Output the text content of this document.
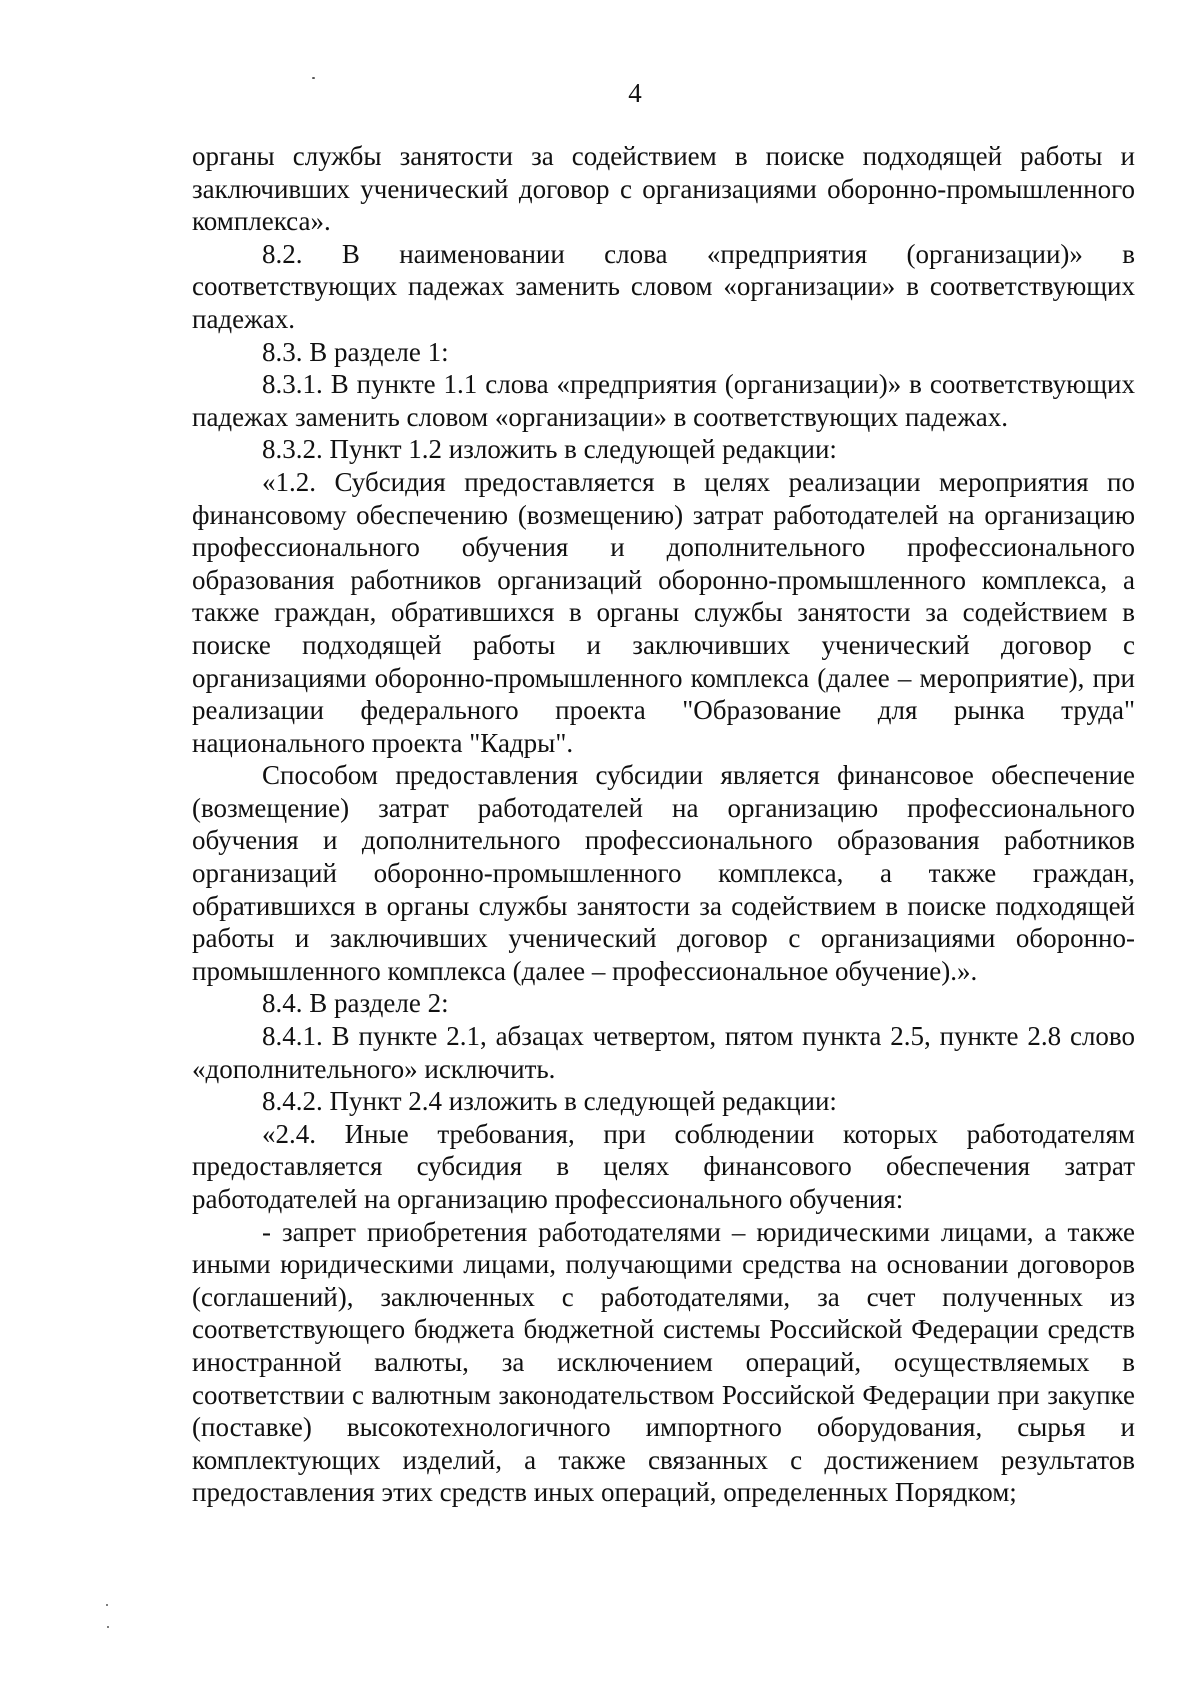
4

органы службы занятости за содействием в поиске подходящей работы и заключивших ученический договор с организациями оборонно-промышленного комплекса».

8.2. В наименовании слова «предприятия (организации)» в соответствующих падежах заменить словом «организации» в соответствующих падежах.

8.3. В разделе 1:

8.3.1. В пункте 1.1 слова «предприятия (организации)» в соответствующих падежах заменить словом «организации» в соответствующих падежах.

8.3.2. Пункт 1.2 изложить в следующей редакции:

«1.2. Субсидия предоставляется в целях реализации мероприятия по финансовому обеспечению (возмещению) затрат работодателей на организацию профессионального обучения и дополнительного профессионального образования работников организаций оборонно-промышленного комплекса, а также граждан, обратившихся в органы службы занятости за содействием в поиске подходящей работы и заключивших ученический договор с организациями оборонно-промышленного комплекса (далее – мероприятие), при реализации федерального проекта "Образование для рынка труда" национального проекта "Кадры".

Способом предоставления субсидии является финансовое обеспечение (возмещение) затрат работодателей на организацию профессионального обучения и дополнительного профессионального образования работников организаций оборонно-промышленного комплекса, а также граждан, обратившихся в органы службы занятости за содействием в поиске подходящей работы и заключивших ученический договор с организациями оборонно-промышленного комплекса (далее – профессиональное обучение).».

8.4. В разделе 2:

8.4.1. В пункте 2.1, абзацах четвертом, пятом пункта 2.5, пункте 2.8 слово «дополнительного» исключить.

8.4.2. Пункт 2.4 изложить в следующей редакции:

«2.4. Иные требования, при соблюдении которых работодателям предоставляется субсидия в целях финансового обеспечения затрат работодателей на организацию профессионального обучения:

- запрет приобретения работодателями – юридическими лицами, а также иными юридическими лицами, получающими средства на основании договоров (соглашений), заключенных с работодателями, за счет полученных из соответствующего бюджета бюджетной системы Российской Федерации средств иностранной валюты, за исключением операций, осуществляемых в соответствии с валютным законодательством Российской Федерации при закупке (поставке) высокотехнологичного импортного оборудования, сырья и комплектующих изделий, а также связанных с достижением результатов предоставления этих средств иных операций, определенных Порядком;
